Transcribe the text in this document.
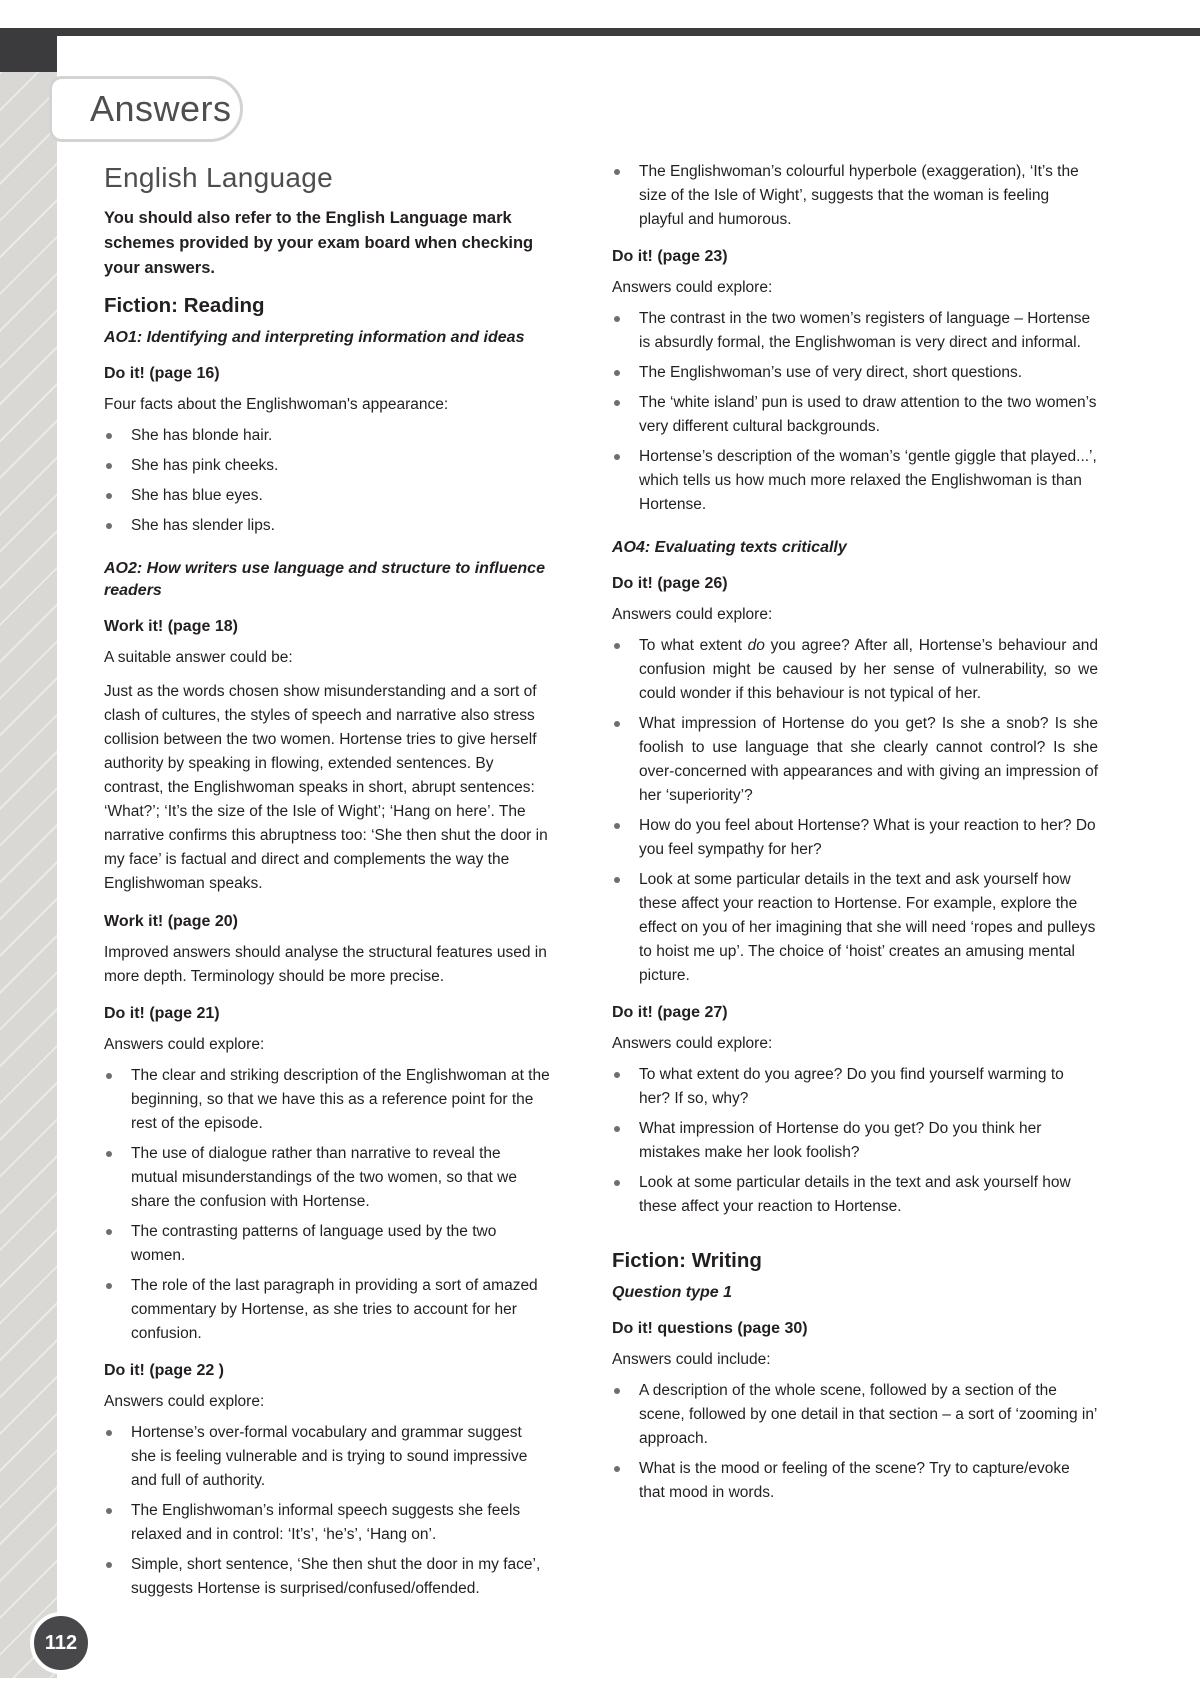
Answers
112
English Language

You should also refer to the English Language mark schemes provided by your exam board when checking your answers.

Fiction: Reading
AO1: Identifying and interpreting information and ideas
Do it! (page 16)

Four facts about the Englishwoman's appearance:

She has blonde hair.
She has pink cheeks.
She has blue eyes.
She has slender lips.
AO2: How writers use language and structure to influence readers
Work it! (page 18)

A suitable answer could be:

Just as the words chosen show misunderstanding and a sort of clash of cultures, the styles of speech and narrative also stress collision between the two women. Hortense tries to give herself authority by speaking in flowing, extended sentences. By contrast, the Englishwoman speaks in short, abrupt sentences: ‘What?’; ‘It’s the size of the Isle of Wight’; ‘Hang on here’. The narrative confirms this abruptness too: ‘She then shut the door in my face’ is factual and direct and complements the way the Englishwoman speaks.

Work it! (page 20)

Improved answers should analyse the structural features used in more depth. Terminology should be more precise.

Do it! (page 21)

Answers could explore:

The clear and striking description of the Englishwoman at the beginning, so that we have this as a reference point for the rest of the episode.
The use of dialogue rather than narrative to reveal the mutual misunderstandings of the two women, so that we share the confusion with Hortense.
The contrasting patterns of language used by the two women.
The role of the last paragraph in providing a sort of amazed commentary by Hortense, as she tries to account for her confusion.
Do it! (page 22 )

Answers could explore:

Hortense’s over-formal vocabulary and grammar suggest she is feeling vulnerable and is trying to sound impressive and full of authority.
The Englishwoman’s informal speech suggests she feels relaxed and in control: ‘It’s’, ‘he’s’, ‘Hang on’.
Simple, short sentence, ‘She then shut the door in my face’, suggests Hortense is surprised/confused/offended.
The Englishwoman’s colourful hyperbole (exaggeration), ‘It’s the size of the Isle of Wight’, suggests that the woman is feeling playful and humorous.
Do it! (page 23)

Answers could explore:

The contrast in the two women’s registers of language – Hortense is absurdly formal, the Englishwoman is very direct and informal.
The Englishwoman’s use of very direct, short questions.
The ‘white island’ pun is used to draw attention to the two women’s very different cultural backgrounds.
Hortense’s description of the woman’s ‘gentle giggle that played...’, which tells us how much more relaxed the Englishwoman is than Hortense.
AO4: Evaluating texts critically
Do it! (page 26)

Answers could explore:

To what extent do you agree? After all, Hortense’s behaviour and confusion might be caused by her sense of vulnerability, so we could wonder if this behaviour is not typical of her.
What impression of Hortense do you get? Is she a snob? Is she foolish to use language that she clearly cannot control? Is she over-concerned with appearances and with giving an impression of her ‘superiority’?
How do you feel about Hortense? What is your reaction to her? Do you feel sympathy for her?
Look at some particular details in the text and ask yourself how these affect your reaction to Hortense. For example, explore the effect on you of her imagining that she will need ‘ropes and pulleys to hoist me up’. The choice of ‘hoist’ creates an amusing mental picture.
Do it! (page 27)

Answers could explore:

To what extent do you agree? Do you find yourself warming to her? If so, why?
What impression of Hortense do you get? Do you think her mistakes make her look foolish?
Look at some particular details in the text and ask yourself how these affect your reaction to Hortense.
Fiction: Writing
Question type 1
Do it! questions (page 30)

Answers could include:

A description of the whole scene, followed by a section of the scene, followed by one detail in that section – a sort of ‘zooming in’ approach.
What is the mood or feeling of the scene? Try to capture/evoke that mood in words.
